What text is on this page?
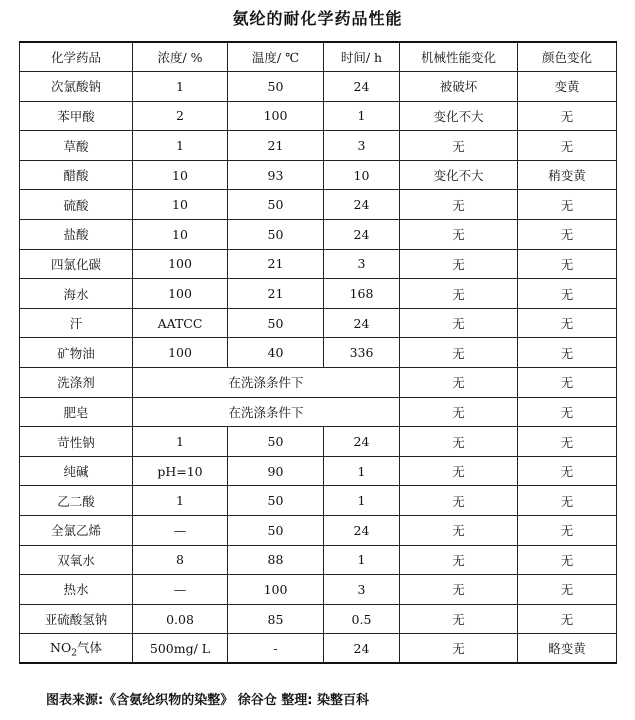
氨纶的耐化学药品性能
化学药品	浓度/ %	温度/ ℃	时间/ h	机械性能变化	颜色变化
次氯酸钠	1	50	24	被破坏	变黄
苯甲酸	2	100	1	变化不大	无
草酸	1	21	3	无	无
醋酸	10	93	10	变化不大	稍变黄
硫酸	10	50	24	无	无
盐酸	10	50	24	无	无
四氯化碳	100	21	3	无	无
海水	100	21	168	无	无
汗	AATCC	50	24	无	无
矿物油	100	40	336	无	无
洗涤剂	在洗涤条件下			无	无
肥皂	在洗涤条件下			无	无
苛性钠	1	50	24	无	无
纯碱	pH=10	90	1	无	无
乙二酸	1	50	1	无	无
全氯乙烯	—	50	24	无	无
双氧水	8	88	1	无	无
热水	—	100	3	无	无
亚硫酸氢钠	0.08	85	0.5	无	无
$NO_2$气体	500mg/ L	-	24	无	略变黄
图表来源:《含氨纶织物的染整》 徐谷仓 整理: 染整百科
